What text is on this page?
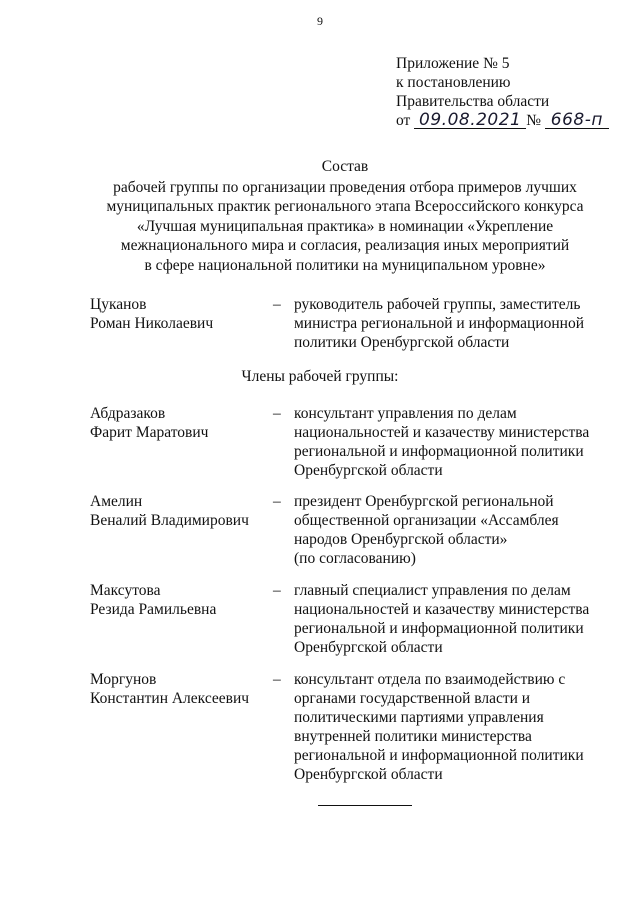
9
Приложение № 5
к постановлению
Правительства области
от 09.08.2021 № 668-п
Состав
рабочей группы по организации проведения отбора примеров лучших
муниципальных практик регионального этапа Всероссийского конкурса
«Лучшая муниципальная практика» в номинации «Укрепление
межнационального мира и согласия, реализация иных мероприятий
в сфере национальной политики на муниципальном уровне»
Цуканов
Роман Николаевич
– руководитель рабочей группы, заместитель
министра региональной и информационной
политики Оренбургской области
Члены рабочей группы:
Абдразаков
Фарит Маратович
– консультант управления по делам
национальностей и казачеству министерства
региональной и информационной политики
Оренбургской области
Амелин
Веналий Владимирович
– президент Оренбургской региональной
общественной организации «Ассамблея
народов Оренбургской области»
(по согласованию)
Максутова
Резида Рамильевна
– главный специалист управления по делам
национальностей и казачеству министерства
региональной и информационной политики
Оренбургской области
Моргунов
Константин Алексеевич
– консультант отдела по взаимодействию с
органами государственной власти и
политическими партиями управления
внутренней политики министерства
региональной и информационной политики
Оренбургской области
